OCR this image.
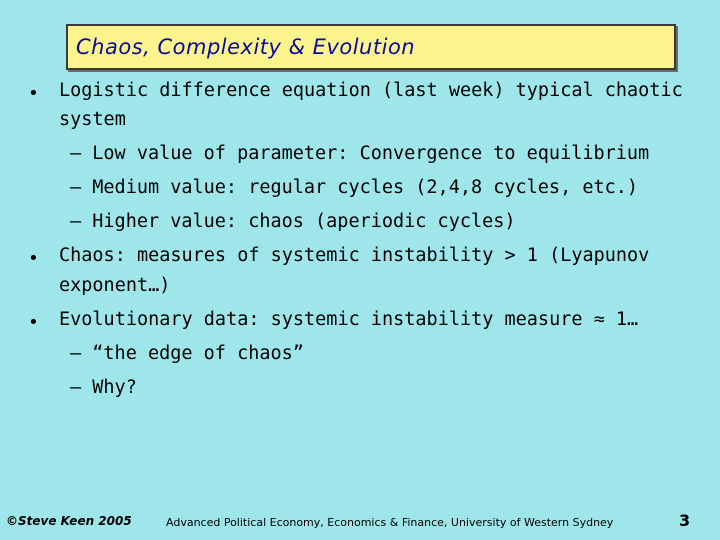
Chaos, Complexity & Evolution
• Logistic difference equation (last week) typical chaotic
system
– Low value of parameter: Convergence to equilibrium
– Medium value: regular cycles (2,4,8 cycles, etc.)
– Higher value: chaos (aperiodic cycles)
• Chaos: measures of systemic instability > 1 (Lyapunov
exponent…)
• Evolutionary data: systemic instability measure ≈ 1…
– “the edge of chaos”
– Why?
©Steve Keen 2005	Advanced Political Economy, Economics & Finance, University of Western Sydney	3
